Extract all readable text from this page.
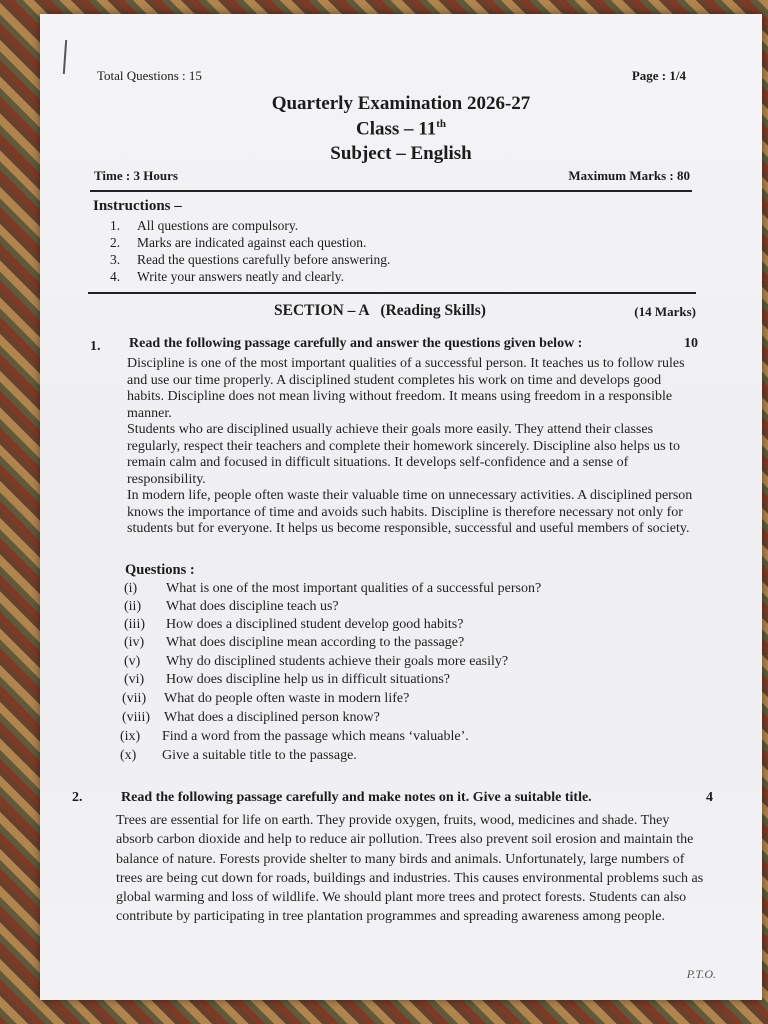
Total Questions : 15	Page : 1/4
Quarterly Examination 2026-27
Class – 11th
Subject – English
Time : 3 Hours	Maximum Marks : 80
Instructions –
1. All questions are compulsory.
2. Marks are indicated against each question.
3. Read the questions carefully before answering.
4. Write your answers neatly and clearly.
SECTION – A   (Reading Skills)	(14 Marks)
1. Read the following passage carefully and answer the questions given below :	10
Discipline is one of the most important qualities of a successful person. It teaches us to follow rules and use our time properly. A disciplined student completes his work on time and develops good habits. Discipline does not mean living without freedom. It means using freedom in a responsible manner.
Students who are disciplined usually achieve their goals more easily. They attend their classes regularly, respect their teachers and complete their homework sincerely. Discipline also helps us to remain calm and focused in difficult situations. It develops self-confidence and a sense of responsibility.
In modern life, people often waste their valuable time on unnecessary activities. A disciplined person knows the importance of time and avoids such habits. Discipline is therefore necessary not only for students but for everyone. It helps us become responsible, successful and useful members of society.
Questions :
(i) What is one of the most important qualities of a successful person?
(ii) What does discipline teach us?
(iii) How does a disciplined student develop good habits?
(iv) What does discipline mean according to the passage?
(v) Why do disciplined students achieve their goals more easily?
(vi) How does discipline help us in difficult situations?
(vii) What do people often waste in modern life?
(viii) What does a disciplined person know?
(ix) Find a word from the passage which means ‘valuable’.
(x) Give a suitable title to the passage.
2.	Read the following passage carefully and make notes on it. Give a suitable title.	4
Trees are essential for life on earth. They provide oxygen, fruits, wood, medicines and shade. They absorb carbon dioxide and help to reduce air pollution. Trees also prevent soil erosion and maintain the balance of nature. Forests provide shelter to many birds and animals. Unfortunately, large numbers of trees are being cut down for roads, buildings and industries. This causes environmental problems such as global warming and loss of wildlife. We should plant more trees and protect forests. Students can also contribute by participating in tree plantation programmes and spreading awareness among people.
P.T.O.
